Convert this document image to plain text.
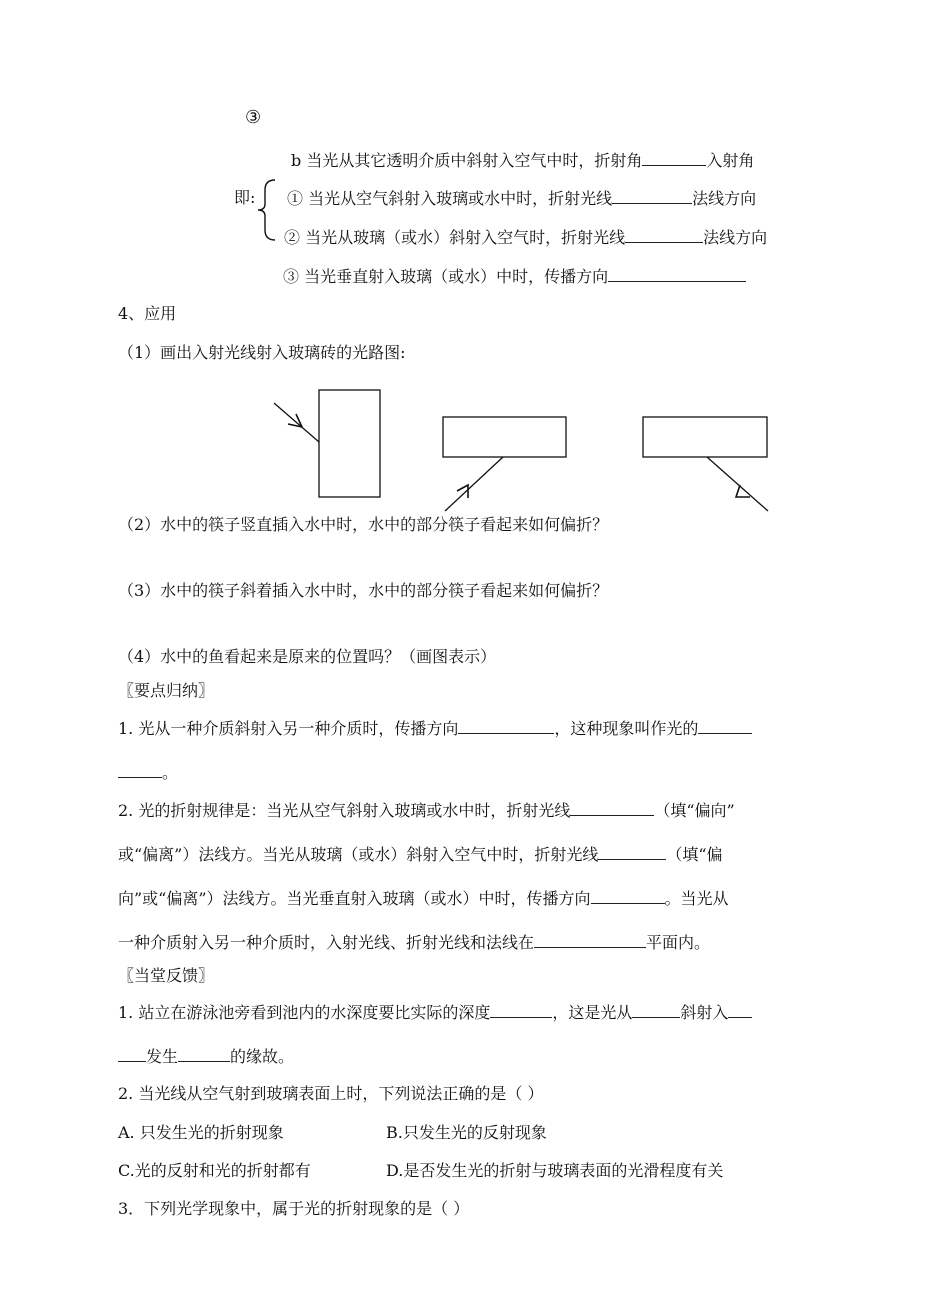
③
b 当光从其它透明介质中斜射入空气中时，折射角	入射角
即: ① 当光从空气斜射入玻璃或水中时，折射光线	法线方向
② 当光从玻璃（或水）斜射入空气时，折射光线	法线方向
③ 当光垂直射入玻璃（或水）中时，传播方向
4、应用
（1）画出入射光线射入玻璃砖的光路图:
（2）水中的筷子竖直插入水中时，水中的部分筷子看起来如何偏折？
（3）水中的筷子斜着插入水中时，水中的部分筷子看起来如何偏折？
（4）水中的鱼看起来是原来的位置吗？（画图表示）
〖要点归纳〗
1. 光从一种介质斜射入另一种介质时，传播方向	，这种现象叫作光的
。
2. 光的折射规律是：当光从空气斜射入玻璃或水中时，折射光线	（填“偏向”
或“偏离”）法线方。当光从玻璃（或水）斜射入空气中时，折射光线	（填“偏
向”或“偏离”）法线方。当光垂直射入玻璃（或水）中时，传播方向	。当光从
一种介质射入另一种介质时，入射光线、折射光线和法线在	平面内。
〖当堂反馈〗
1. 站立在游泳池旁看到池内的水深度要比实际的深度	，这是光从	斜射入
发生	的缘故。
2. 当光线从空气射到玻璃表面上时，下列说法正确的是（ ）
A. 只发生光的折射现象	B.只发生光的反射现象
C.光的反射和光的折射都有	D.是否发生光的折射与玻璃表面的光滑程度有关
3．下列光学现象中，属于光的折射现象的是（ ）
